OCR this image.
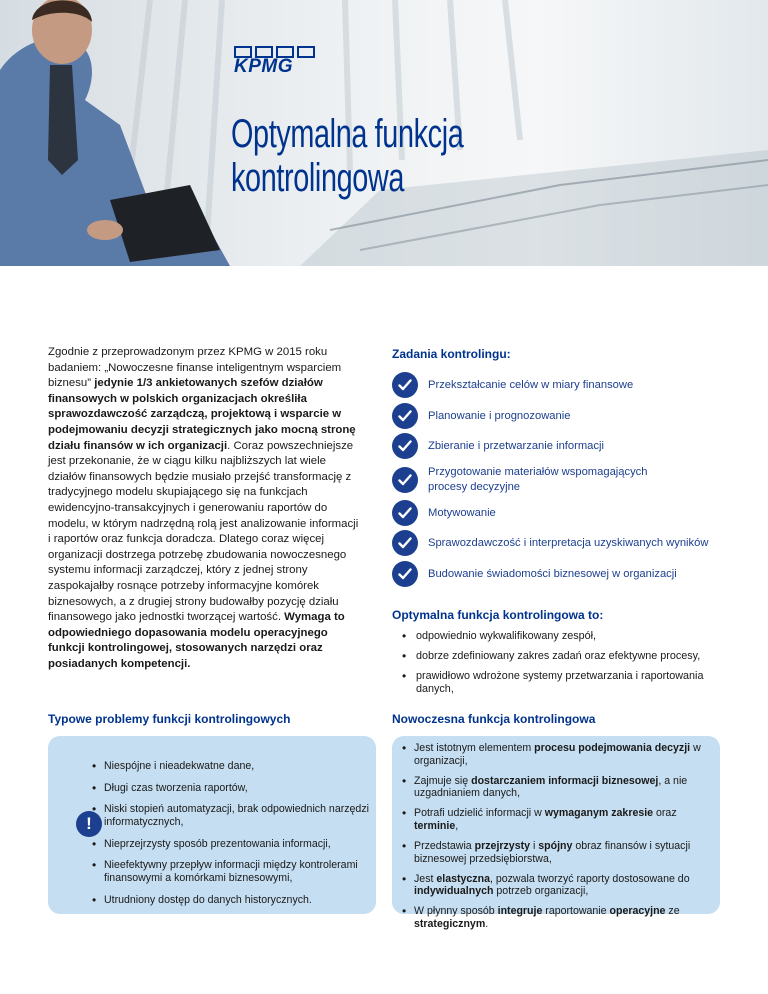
KPMG
Optymalna funkcja kontrolingowa

Zgodnie z przeprowadzonym przez KPMG w 2015 roku badaniem: „Nowoczesne finanse inteligentnym wsparciem biznesu” jedynie 1/3 ankietowanych szefów działów finansowych w polskich organizacjach określiła sprawozdawczość zarządczą, projektową i wsparcie w podejmowaniu decyzji strategicznych jako mocną stronę działu finansów w ich organizacji. Coraz powszechniejsze jest przekonanie, że w ciągu kilku najbliższych lat wiele działów finansowych będzie musiało przejść transformację z tradycyjnego modelu skupiającego się na funkcjach ewidencyjno-transakcyjnych i generowaniu raportów do modelu, w którym nadrzędną rolą jest analizowanie informacji i raportów oraz funkcja doradcza. Dlatego coraz więcej organizacji dostrzega potrzebę zbudowania nowoczesnego systemu informacji zarządczej, który z jednej strony zaspokajałby rosnące potrzeby informacyjne komórek biznesowych, a z drugiej strony budowałby pozycję działu finansowego jako jednostki tworzącej wartość. Wymaga to odpowiedniego dopasowania modelu operacyjnego funkcji kontrolingowej, stosowanych narzędzi oraz posiadanych kompetencji.

Zadania kontrolingu:
Przekształcanie celów w miary finansowe
Planowanie i prognozowanie
Zbieranie i przetwarzanie informacji
Przygotowanie materiałów wspomagających procesy decyzyjne
Motywowanie
Sprawozdawczość i interpretacja uzyskiwanych wyników
Budowanie świadomości biznesowej w organizacji
Optymalna funkcja kontrolingowa to:
• odpowiednio wykwalifikowany zespół,
• dobrze zdefiniowany zakres zadań oraz efektywne procesy,
• prawidłowo wdrożone systemy przetwarzania i raportowania danych,
Typowe problemy funkcji kontrolingowych
!
• Niespójne i nieadekwatne dane,
• Długi czas tworzenia raportów,
• Niski stopień automatyzacji, brak odpowiednich narzędzi informatycznych,
• Nieprzejrzysty sposób prezentowania informacji,
• Nieefektywny przepływ informacji między kontrolerami finansowymi a komórkami biznesowymi,
• Utrudniony dostęp do danych historycznych.
Nowoczesna funkcja kontrolingowa
• Jest istotnym elementem procesu podejmowania decyzji w organizacji,
• Zajmuje się dostarczaniem informacji biznesowej, a nie uzgadnianiem danych,
• Potrafi udzielić informacji w wymaganym zakresie oraz terminie,
• Przedstawia przejrzysty i spójny obraz finansów i sytuacji biznesowej przedsiębiorstwa,
• Jest elastyczna, pozwala tworzyć raporty dostosowane do indywidualnych potrzeb organizacji,
• W płynny sposób integruje raportowanie operacyjne ze strategicznym.
